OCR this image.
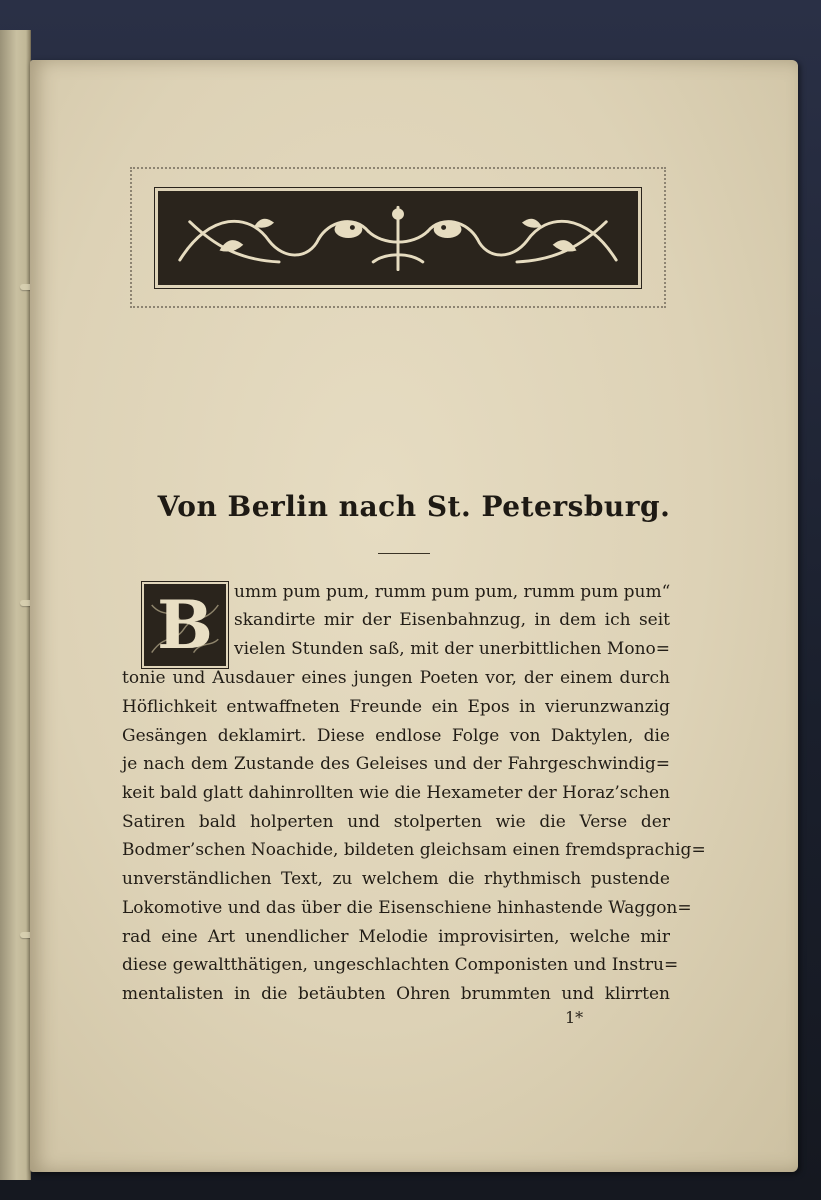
Von Berlin nach St. Petersburg.
B	umm pum pum, rumm pum pum, rumm pum pum“
skandirte mir der Eisenbahnzug, in dem ich seit
vielen Stunden saß, mit der unerbittlichen Mono=
tonie und Ausdauer eines jungen Poeten vor, der einem durch
Höflichkeit entwaffneten Freunde ein Epos in vierunzwanzig
Gesängen deklamirt. Diese endlose Folge von Daktylen, die
je nach dem Zustande des Geleises und der Fahrgeschwindig=
keit bald glatt dahinrollten wie die Hexameter der Horaz’schen
Satiren bald holperten und stolperten wie die Verse der
Bodmer’schen Noachide, bildeten gleichsam einen fremdsprachig=
unverständlichen Text, zu welchem die rhythmisch pustende
Lokomotive und das über die Eisenschiene hinhastende Waggon=
rad eine Art unendlicher Melodie improvisirten, welche mir
diese gewaltthätigen, ungeschlachten Componisten und Instru=
mentalisten in die betäubten Ohren brummten und klirrten
1*
